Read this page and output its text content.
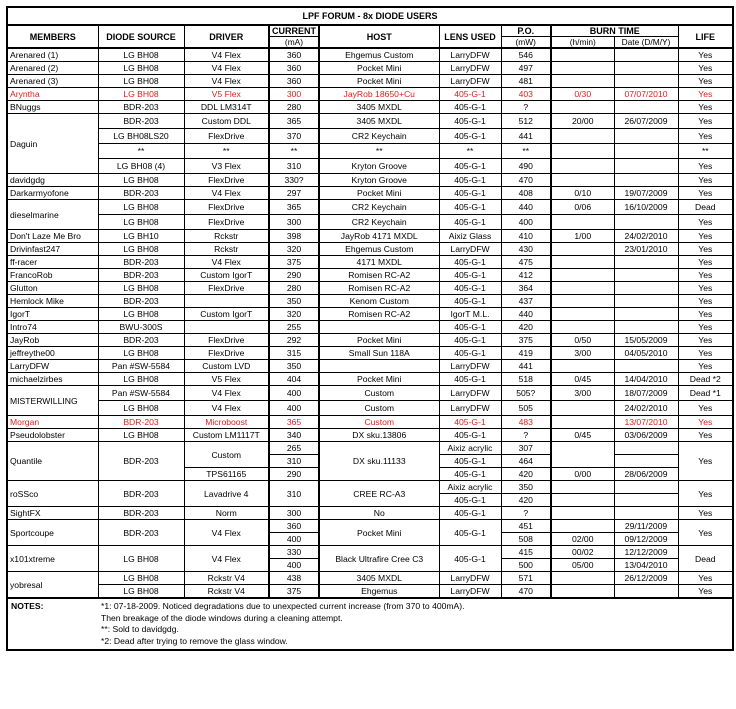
LPF FORUM - 8x DIODE USERS									
MEMBERS	DIODE SOURCE	DRIVER	CURRENT	HOST	LENS USED	P.O.	BURN TIME		LIFE
			(mA)			(mW)	(h/min)	Date (D/M/Y)	
Arenared (1)	LG BH08	V4 Flex	360	Ehgemus Custom	LarryDFW	546			Yes
Arenared (2)	LG BH08	V4 Flex	360	Pocket Mini	LarryDFW	497			Yes
Arenared (3)	LG BH08	V4 Flex	360	Pocket Mini	LarryDFW	481			Yes
Aryntha	LG BH08	V5 Flex	300	JayRob 18650+Cu	405-G-1	403	0/30	07/07/2010	Yes
BNuggs	BDR-203	DDL LM314T	280	3405 MXDL	405-G-1	?			Yes
Daguin	BDR-203	Custom DDL	365	3405 MXDL	405-G-1	512	20/00	26/07/2009	Yes
	LG BH08LS20	FlexDrive	370	CR2 Keychain	405-G-1	441			Yes
	**	**	**	**	**	**			**
	LG BH08 (4)	V3 Flex	310	Kryton Groove	405-G-1	490			Yes
davidgdg	LG BH08	FlexDrive	330?	Kryton Groove	405-G-1	470			Yes
Darkarmyofone	BDR-203	V4 Flex	297	Pocket Mini	405-G-1	408	0/10	19/07/2009	Yes
dieselmarine	LG BH08	FlexDrive	365	CR2 Keychain	405-G-1	440	0/06	16/10/2009	Dead
	LG BH08	FlexDrive	300	CR2 Keychain	405-G-1	400			Yes
Don't Laze Me Bro	LG BH10	Rckstr	398	JayRob 4171 MXDL	Aixiz Glass	410	1/00	24/02/2010	Yes
Drivinfast247	LG BH08	Rckstr	320	Ehgemus Custom	LarryDFW	430		23/01/2010	Yes
ff-racer	BDR-203	V4 Flex	375	4171 MXDL	405-G-1	475			Yes
FrancoRob	BDR-203	Custom IgorT	290	Romisen RC-A2	405-G-1	412			Yes
Glutton	LG BH08	FlexDrive	280	Romisen RC-A2	405-G-1	364			Yes
Hemlock Mike	BDR-203		350	Kenom Custom	405-G-1	437			Yes
IgorT	LG BH08	Custom IgorT	320	Romisen RC-A2	IgorT M.L.	440			Yes
Intro74	BWU-300S		255		405-G-1	420			Yes
JayRob	BDR-203	FlexDrive	292	Pocket Mini	405-G-1	375	0/50	15/05/2009	Yes
jeffreythe00	LG BH08	FlexDrive	315	Small Sun 118A	405-G-1	419	3/00	04/05/2010	Yes
LarryDFW	Pan #SW-5584	Custom LVD	350		LarryDFW	441			Yes
michaelzirbes	LG BH08	V5 Flex	404	Pocket Mini	405-G-1	518	0/45	14/04/2010	Dead *2
MISTERWILLING	Pan #SW-5584	V4 Flex	400	Custom	LarryDFW	505?	3/00	18/07/2009	Dead *1
	LG BH08	V4 Flex	400	Custom	LarryDFW	505		24/02/2010	Yes
Morgan	BDR-203	Microboost	365	Custom	405-G-1	483		13/07/2010	Yes
Pseudolobster	LG BH08	Custom LM1117T	340	DX sku.13806	405-G-1	?	0/45	03/06/2009	Yes
Quantile	BDR-203	Custom	265	DX sku.11133	Aixiz acrylic	307			Yes
			310		405-G-1	464			
		TPS61165	290		405-G-1	420	0/00	28/06/2009	
roSSco	BDR-203	Lavadrive 4	310	CREE RC-A3	Aixiz acrylic	350			Yes
					405-G-1	420			
SightFX	BDR-203	Norm	300	No	405-G-1	?			Yes
Sportcoupe	BDR-203	V4 Flex	360	Pocket Mini	405-G-1	451		29/11/2009	Yes
			400			508	02/00	09/12/2009	
x101xtreme	LG BH08	V4 Flex	330	Black Ultrafire Cree C3	405-G-1	415	00/02	12/12/2009	Dead
			400			500	05/00	13/04/2010	
yobresal	LG BH08	Rckstr V4	438	3405 MXDL	LarryDFW	571		26/12/2009	Yes
	LG BH08	Rckstr V4	375	Ehgemus	LarryDFW	470			Yes
NOTES:	*1: 07-18-2009. Noticed degradations due to unexpected current increase (from 370 to 400mA).
Then breakage of the diode windows during a cleaning attempt.
**: Sold to davidgdg.
*2: Dead after trying to remove the glass window.								
